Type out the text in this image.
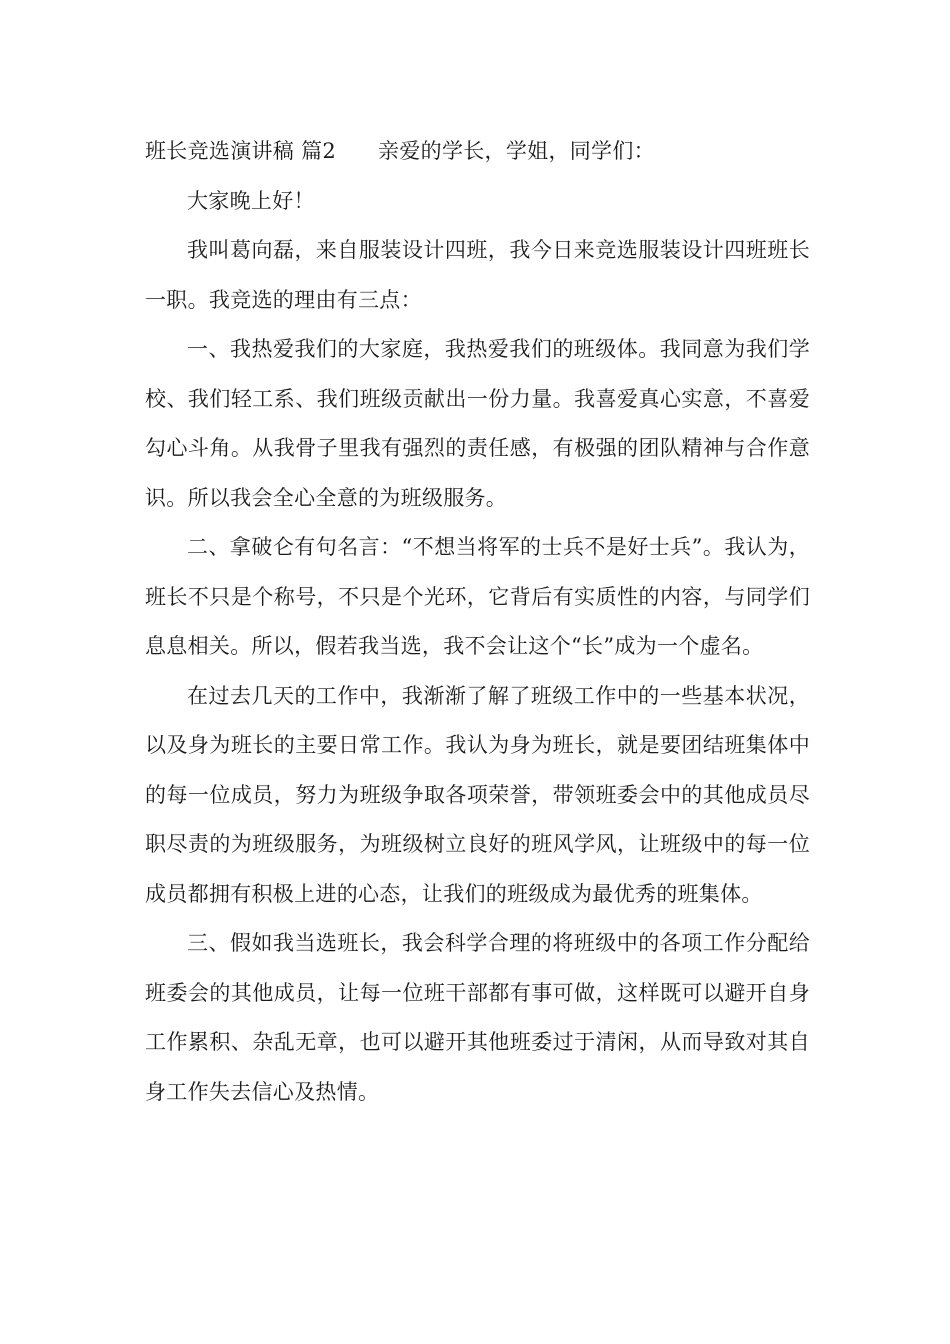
班长竞选演讲稿 篇2 亲爱的学长，学姐，同学们：

大家晚上好！

我叫葛向磊，来自服装设计四班，我今日来竞选服装设计四班班长一职。我竞选的理由有三点：

一、我热爱我们的大家庭，我热爱我们的班级体。我同意为我们学校、我们轻工系、我们班级贡献出一份力量。我喜爱真心实意，不喜爱勾心斗角。从我骨子里我有强烈的责任感，有极强的团队精神与合作意识。所以我会全心全意的为班级服务。

二、拿破仑有句名言：“不想当将军的士兵不是好士兵”。我认为，班长不只是个称号，不只是个光环，它背后有实质性的内容，与同学们息息相关。所以，假若我当选，我不会让这个“长”成为一个虚名。

在过去几天的工作中，我渐渐了解了班级工作中的一些基本状况，以及身为班长的主要日常工作。我认为身为班长，就是要团结班集体中的每一位成员，努力为班级争取各项荣誉，带领班委会中的其他成员尽职尽责的为班级服务，为班级树立良好的班风学风，让班级中的每一位成员都拥有积极上进的心态，让我们的班级成为最优秀的班集体。

三、假如我当选班长，我会科学合理的将班级中的各项工作分配给班委会的其他成员，让每一位班干部都有事可做，这样既可以避开自身工作累积、杂乱无章，也可以避开其他班委过于清闲，从而导致对其自身工作失去信心及热情。
